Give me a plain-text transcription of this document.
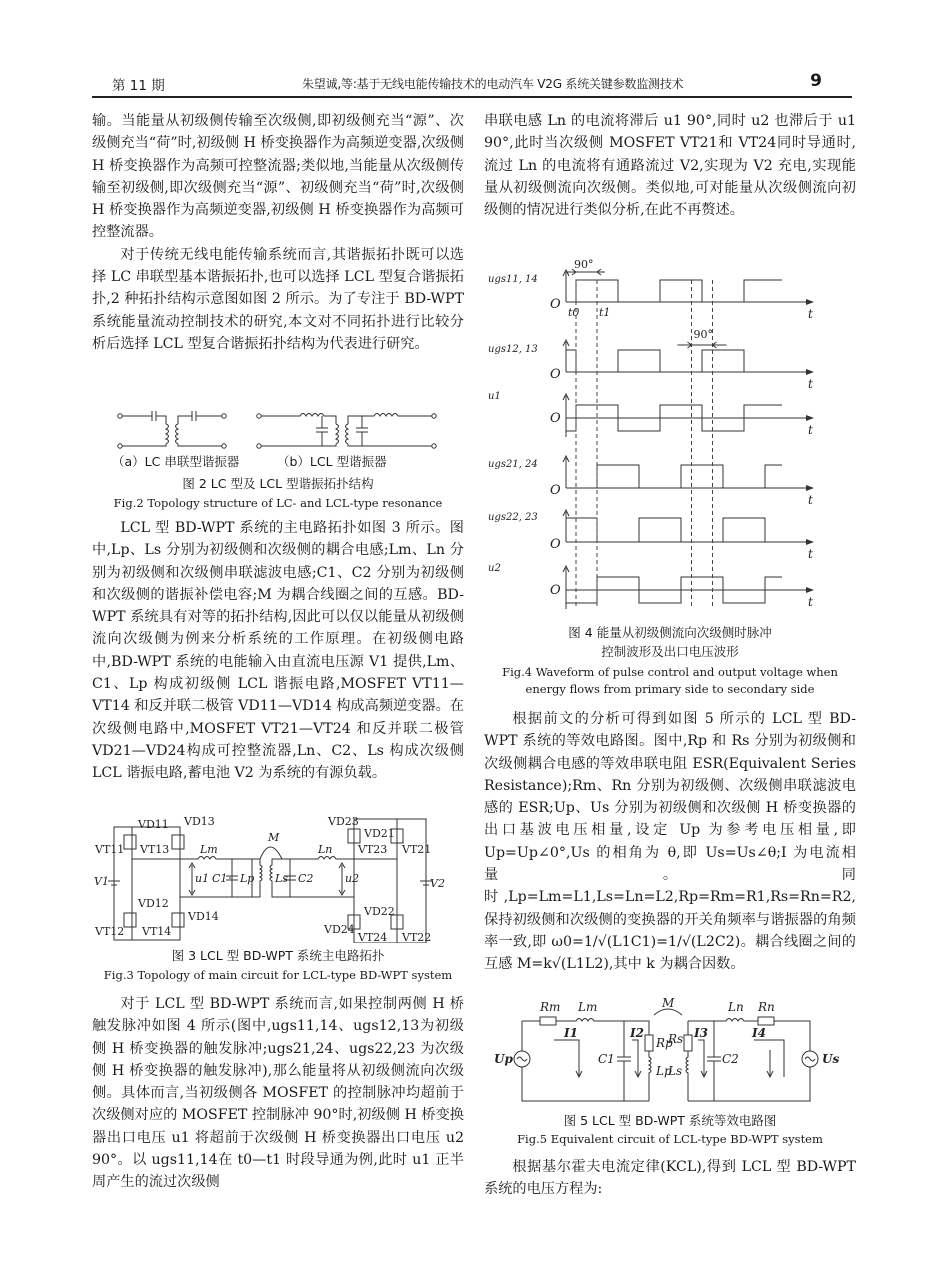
第 11 期	朱望诚,等:基于无线电能传输技术的电动汽车 V2G 系统关键参数监测技术	9

输。当能量从初级侧传输至次级侧,即初级侧充当“源”、次级侧充当“荷”时,初级侧 H 桥变换器作为高频逆变器,次级侧 H 桥变换器作为高频可控整流器;类似地,当能量从次级侧传输至初级侧,即次级侧充当“源”、初级侧充当“荷”时,次级侧 H 桥变换器作为高频逆变器,初级侧 H 桥变换器作为高频可控整流器。

对于传统无线电能传输系统而言,其谐振拓扑既可以选择 LC 串联型基本谐振拓扑,也可以选择 LCL 型复合谐振拓扑,2 种拓扑结构示意图如图 2 所示。为了专注于 BD-WPT 系统能量流动控制技术的研究,本文对不同拓扑进行比较分析后选择 LCL 型复合谐振拓扑结构为代表进行研究。

（a）LC 串联型谐振器	（b）LCL 型谐振器
图 2 LC 型及 LCL 型谐振拓扑结构
Fig.2 Topology structure of LC- and LCL-type resonance

LCL 型 BD-WPT 系统的主电路拓扑如图 3 所示。图中,Lp、Ls 分别为初级侧和次级侧的耦合电感;Lm、Ln 分别为初级侧和次级侧串联滤波电感;C1、C2 分别为初级侧和次级侧的谐振补偿电容;M 为耦合线圈之间的互感。BD-WPT 系统具有对等的拓扑结构,因此可以仅以能量从初级侧流向次级侧为例来分析系统的工作原理。在初级侧电路中,BD-WPT 系统的电能输入由直流电压源 V1 提供,Lm、C1、Lp 构成初级侧 LCL 谐振电路,MOSFET VT11—VT14 和反并联二极管 VD11—VD14 构成高频逆变器。在次级侧电路中,MOSFET VT21—VT24 和反并联二极管 VD21—VD24构成可控整流器,Ln、C2、Ls 构成次级侧 LCL 谐振电路,蓄电池 V2 为系统的有源负载。

VD11 VD13
VT11 VT13
VD12
VD14
VT12 VT14
V1
Lm
u1 C1 Lp
M
Ls C2
Ln
u2
VD23
VD21
VT23 VT21
V2
VD22
VD24
VT24 VT22
图 3 LCL 型 BD-WPT 系统主电路拓扑
Fig.3 Topology of main circuit for LCL-type BD-WPT system

对于 LCL 型 BD-WPT 系统而言,如果控制两侧 H 桥触发脉冲如图 4 所示(图中,ugs11,14、ugs12,13为初级侧 H 桥变换器的触发脉冲;ugs21,24、ugs22,23 为次级侧 H 桥变换器的触发脉冲),那么能量将从初级侧流向次级侧。具体而言,当初级侧各 MOSFET 的控制脉冲均超前于次级侧对应的 MOSFET 控制脉冲 90°时,初级侧 H 桥变换器出口电压 u1 将超前于次级侧 H 桥变换器出口电压 u2 90°。以 ugs11,14在 t0—t1 时段导通为例,此时 u1 正半周产生的流过次级侧

串联电感 Ln 的电流将滞后 u1 90°,同时 u2 也滞后于 u1 90°,此时当次级侧 MOSFET VT21和 VT24同时导通时,流过 Ln 的电流将有通路流过 V2,实现为 V2 充电,实现能量从初级侧流向次级侧。类似地,可对能量从次级侧流向初级侧的情况进行类似分析,在此不再赘述。

O
t
ugs11, 14
O
t
ugs12, 13
O
t
u1
O
t
ugs21, 24
O
t
ugs22, 23
O
t
u2
90°
90°
t0 t1
图 4 能量从初级侧流向次级侧时脉冲
控制波形及出口电压波形
Fig.4 Waveform of pulse control and output voltage when
energy flows from primary side to secondary side

根据前文的分析可得到如图 5 所示的 LCL 型 BD-WPT 系统的等效电路图。图中,Rp 和 Rs 分别为初级侧和次级侧耦合电感的等效串联电阻 ESR(Equivalent Series Resistance);Rm、Rn 分别为初级侧、次级侧串联滤波电感的 ESR;Up、Us 分别为初级侧和次级侧 H 桥变换器的出口基波电压相量,设定 Up 为参考电压相量,即 Up=Up∠0°,Us 的相角为 θ,即 Us=Us∠θ;I 为电流相量。同时,Lp=Lm=L1,Ls=Ln=L2,Rp=Rm=R1,Rs=Rn=R2,保持初级侧和次级侧的变换器的开关角频率与谐振器的角频率一致,即 ω0=1/√(L1C1)=1/√(L2C2)。耦合线圈之间的互感 M=k√(L1L2),其中 k 为耦合因数。

Rm Lm	M	Ln Rn
I1	I2	I3	I4
Rp
Rs
Lp
Ls
C1	C2
Up	Us
图 5 LCL 型 BD-WPT 系统等效电路图
Fig.5 Equivalent circuit of LCL-type BD-WPT system

根据基尔霍夫电流定律(KCL),得到 LCL 型 BD-WPT 系统的电压方程为:
